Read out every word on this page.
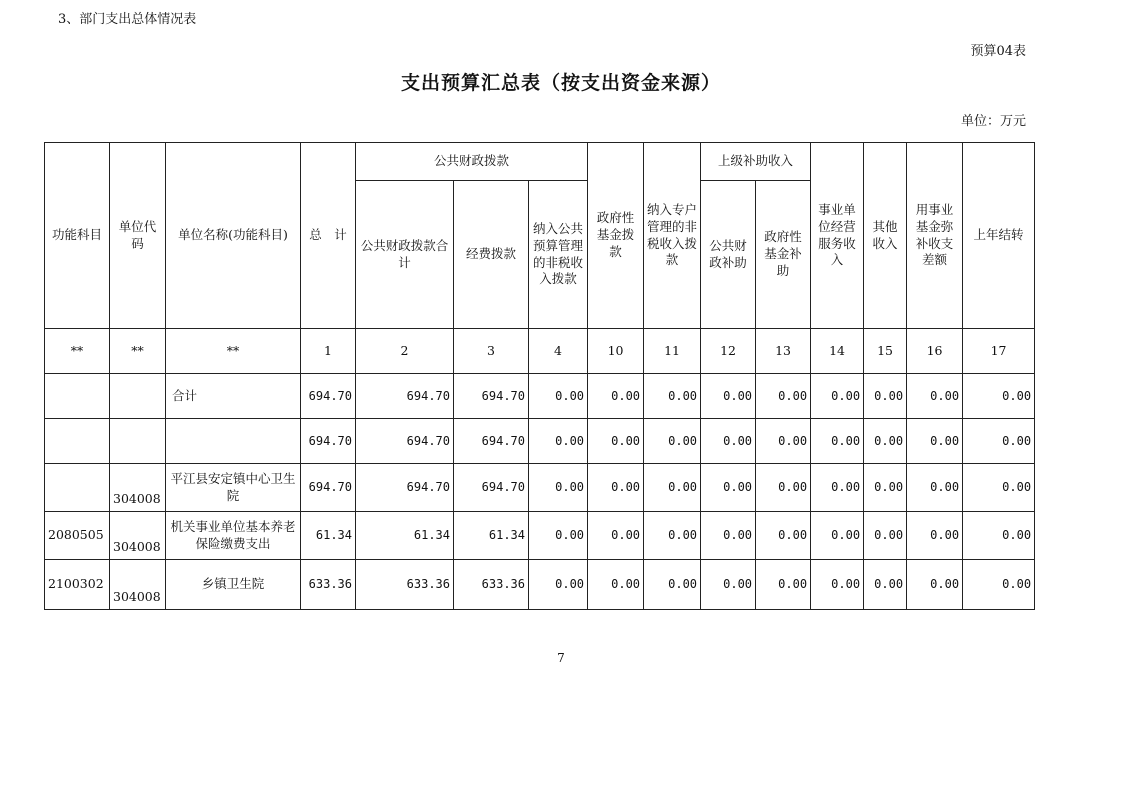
3、部门支出总体情况表
预算04表
支出预算汇总表（按支出资金来源）
单位：万元
功能科目	单位代码	单位名称(功能科目)	总　计	公共财政拨款			政府性基金拨款	纳入专户管理的非税收入拨款	上级补助收入		事业单位经营服务收入	其他收入	用事业基金弥补收支差额	上年结转
				公共财政拨款合计	经费拨款	纳入公共预算管理的非税收入拨款			公共财政补助	政府性基金补助				
**	**	**	1	2	3	4	10	11	12	13	14	15	16	17
		合计	694.70	694.70	694.70	0.00	0.00	0.00	0.00	0.00	0.00	0.00	0.00	0.00
			694.70	694.70	694.70	0.00	0.00	0.00	0.00	0.00	0.00	0.00	0.00	0.00
	304008	平江县安定镇中心卫生院	694.70	694.70	694.70	0.00	0.00	0.00	0.00	0.00	0.00	0.00	0.00	0.00
2080505	304008	机关事业单位基本养老保险缴费支出	61.34	61.34	61.34	0.00	0.00	0.00	0.00	0.00	0.00	0.00	0.00	0.00
2100302	304008	乡镇卫生院	633.36	633.36	633.36	0.00	0.00	0.00	0.00	0.00	0.00	0.00	0.00	0.00
7
